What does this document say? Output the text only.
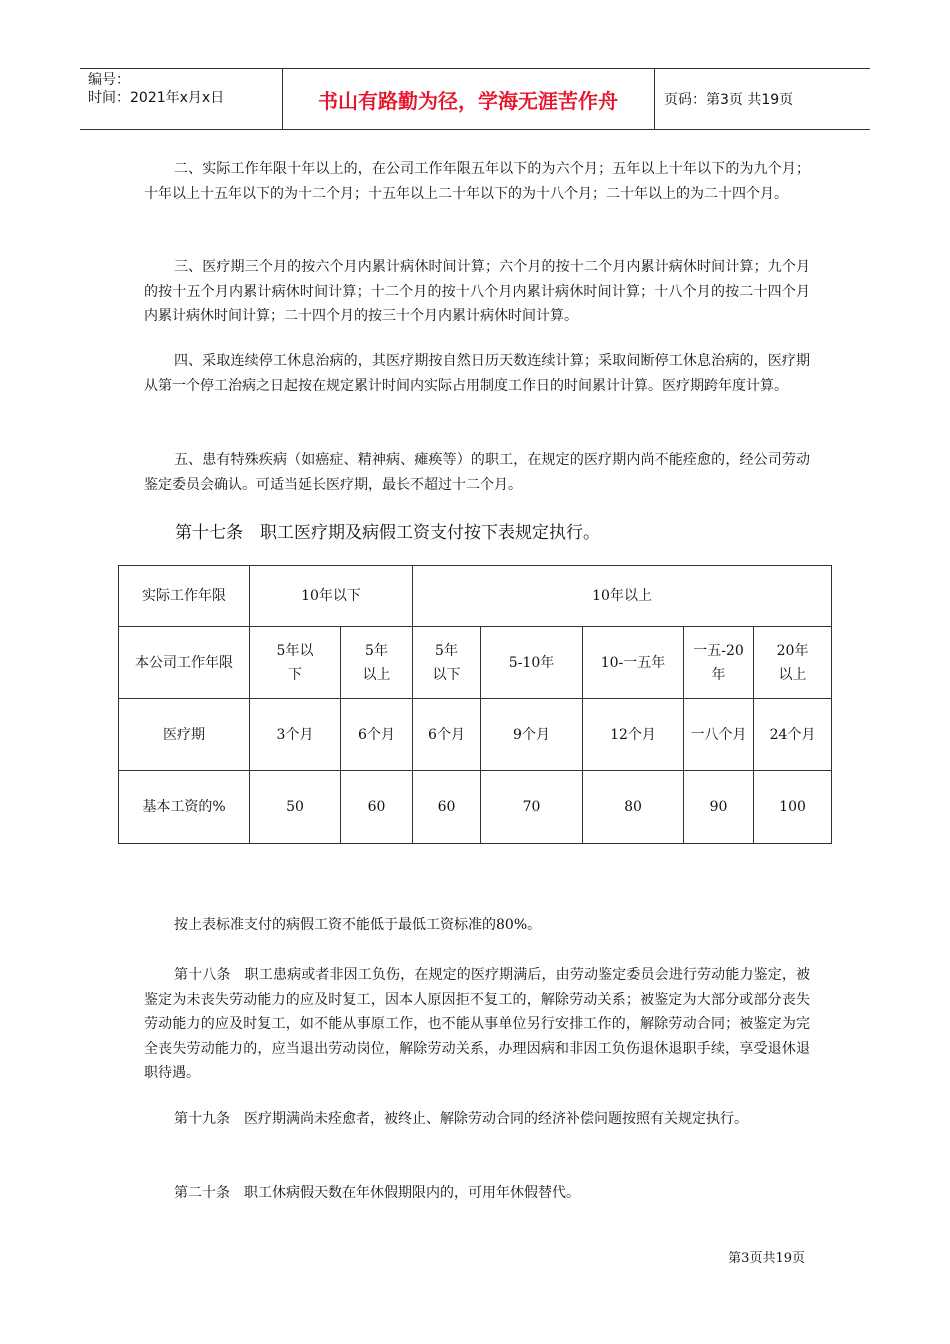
编号：
时间：2021年x月x日	书山有路勤为径，学海无涯苦作舟	页码：第3页 共19页

二、实际工作年限十年以上的，在公司工作年限五年以下的为六个月；五年以上十年以下的为九个月；十年以上十五年以下的为十二个月；十五年以上二十年以下的为十八个月；二十年以上的为二十四个月。

三、医疗期三个月的按六个月内累计病休时间计算；六个月的按十二个月内累计病休时间计算；九个月的按十五个月内累计病休时间计算；十二个月的按十八个月内累计病休时间计算；十八个月的按二十四个月内累计病休时间计算；二十四个月的按三十个月内累计病休时间计算。

四、采取连续停工休息治病的，其医疗期按自然日历天数连续计算；采取间断停工休息治病的，医疗期从第一个停工治病之日起按在规定累计时间内实际占用制度工作日的时间累计计算。医疗期跨年度计算。

五、患有特殊疾病（如癌症、精神病、瘫痪等）的职工，在规定的医疗期内尚不能痊愈的，经公司劳动鉴定委员会确认。可适当延长医疗期，最长不超过十二个月。

第十七条　职工医疗期及病假工资支付按下表规定执行。
实际工作年限	10年以下		10年以上				
本公司工作年限	5年以下	5年以上	5年以下	5-10年	10-一五年	一五-20年	20年以上
医疗期	3个月	6个月	6个月	9个月	12个月	一八个月	24个月
基本工资的%	50	60	60	70	80	90	100

按上表标准支付的病假工资不能低于最低工资标准的80%。

第十八条　职工患病或者非因工负伤，在规定的医疗期满后，由劳动鉴定委员会进行劳动能力鉴定，被鉴定为未丧失劳动能力的应及时复工，因本人原因拒不复工的，解除劳动关系；被鉴定为大部分或部分丧失劳动能力的应及时复工，如不能从事原工作，也不能从事单位另行安排工作的，解除劳动合同；被鉴定为完全丧失劳动能力的，应当退出劳动岗位，解除劳动关系，办理因病和非因工负伤退休退职手续，享受退休退职待遇。

第十九条　医疗期满尚未痊愈者，被终止、解除劳动合同的经济补偿问题按照有关规定执行。

第二十条　职工休病假天数在年休假期限内的，可用年休假替代。

第3页共19页
